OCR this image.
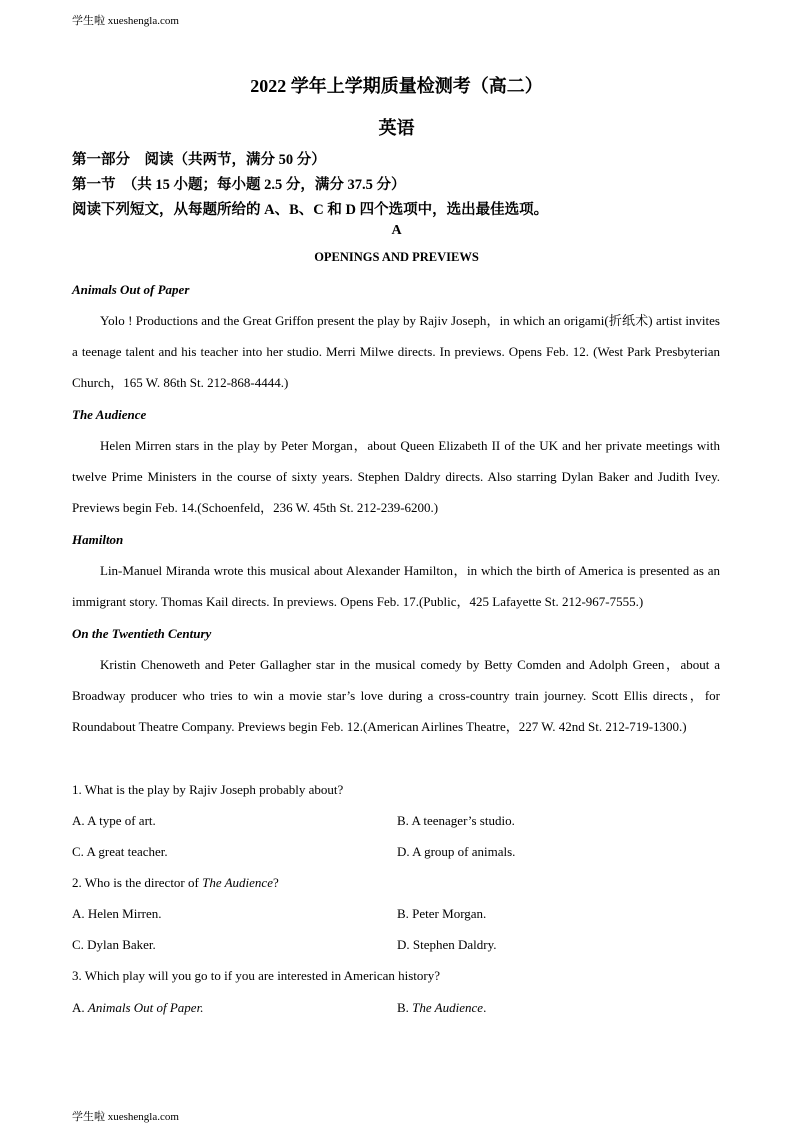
学生啦 xueshengla.com
2022 学年上学期质量检测考（高二）
英语
第一部分　阅读（共两节，满分 50 分）
第一节　（共 15 小题；每小题 2.5 分，满分 37.5 分）
阅读下列短文，从每题所给的 A、B、C 和 D 四个选项中，选出最佳选项。
A
OPENINGS AND PREVIEWS
Animals Out of Paper

Yolo ! Productions and the Great Griffon present the play by Rajiv Joseph，in which an origami(折纸术) artist invites a teenage talent and his teacher into her studio. Merri Milwe directs. In previews. Opens Feb. 12. (West Park Presbyterian Church，165 W. 86th St. 212-868-4444.)

The Audience

Helen Mirren stars in the play by Peter Morgan，about Queen Elizabeth II of the UK and her private meetings with twelve Prime Ministers in the course of sixty years. Stephen Daldry directs. Also starring Dylan Baker and Judith Ivey. Previews begin Feb. 14.(Schoenfeld，236 W. 45th St. 212-239-6200.)

Hamilton

Lin-Manuel Miranda wrote this musical about Alexander Hamilton，in which the birth of America is presented as an immigrant story. Thomas Kail directs. In previews. Opens Feb. 17.(Public，425 Lafayette St. 212-967-7555.)

On the Twentieth Century

Kristin Chenoweth and Peter Gallagher star in the musical comedy by Betty Comden and Adolph Green，about a Broadway producer who tries to win a movie star’s love during a cross-country train journey. Scott Ellis directs，for Roundabout Theatre Company. Previews begin Feb. 12.(American Airlines Theatre，227 W. 42nd St. 212-719-1300.)

1. What is the play by Rajiv Joseph probably about?
A. A type of art.	B. A teenager’s studio.
C. A great teacher.	D. A group of animals.
2. Who is the director of The Audience?
A. Helen Mirren.	B. Peter Morgan.
C. Dylan Baker.	D. Stephen Daldry.
3. Which play will you go to if you are interested in American history?
A. Animals Out of Paper.	B. The Audience.
学生啦 xueshengla.com
